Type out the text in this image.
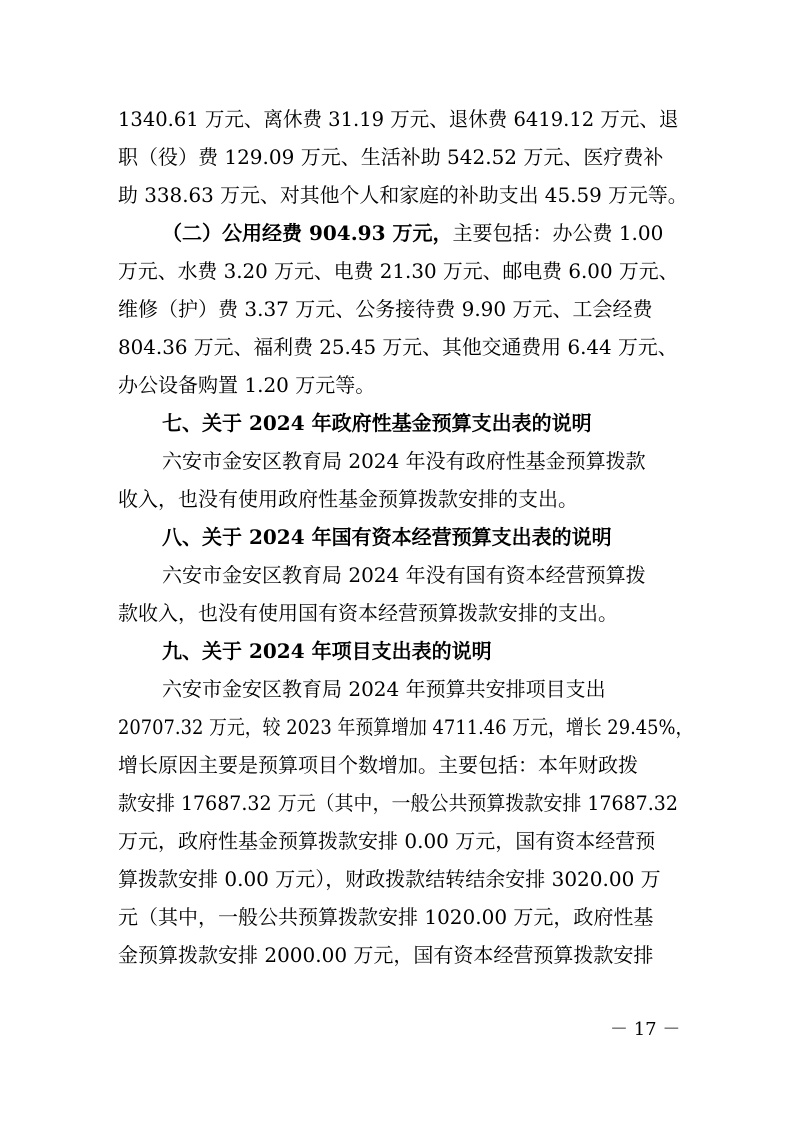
1340.61 万元、离休费 31.19 万元、退休费 6419.12 万元、退
职（役）费 129.09 万元、生活补助 542.52 万元、医疗费补
助 338.63 万元、对其他个人和家庭的补助支出 45.59 万元等。
（二）公用经费 904.93 万元，主要包括：办公费 1.00
万元、水费 3.20 万元、电费 21.30 万元、邮电费 6.00 万元、
维修（护）费 3.37 万元、公务接待费 9.90 万元、工会经费
804.36 万元、福利费 25.45 万元、其他交通费用 6.44 万元、
办公设备购置 1.20 万元等。
七、关于 2024 年政府性基金预算支出表的说明
六安市金安区教育局 2024 年没有政府性基金预算拨款
收入，也没有使用政府性基金预算拨款安排的支出。
八、关于 2024 年国有资本经营预算支出表的说明
六安市金安区教育局 2024 年没有国有资本经营预算拨
款收入，也没有使用国有资本经营预算拨款安排的支出。
九、关于 2024 年项目支出表的说明
六安市金安区教育局 2024 年预算共安排项目支出
20707.32 万元，较 2023 年预算增加 4711.46 万元，增长 29.45%，
增长原因主要是预算项目个数增加。主要包括：本年财政拨
款安排 17687.32 万元（其中，一般公共预算拨款安排 17687.32
万元，政府性基金预算拨款安排 0.00 万元，国有资本经营预
算拨款安排 0.00 万元），财政拨款结转结余安排 3020.00 万
元（其中，一般公共预算拨款安排 1020.00 万元，政府性基
金预算拨款安排 2000.00 万元，国有资本经营预算拨款安排
－ 17 －
